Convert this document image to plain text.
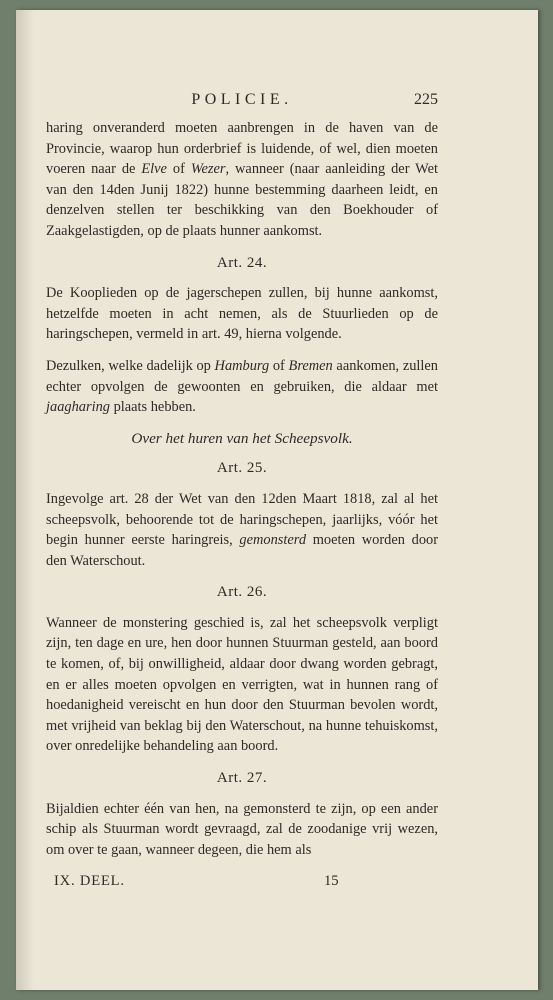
POLICIE.	225

haring onveranderd moeten aanbrengen in de haven van de Provincie, waarop hun orderbrief is luidende, of wel, dien moeten voeren naar de Elve of Wezer, wanneer (naar aanleiding der Wet van den 14den Junij 1822) hunne bestemming daarheen leidt, en denzelven stellen ter beschikking van den Boekhouder of Zaakgelastigden, op de plaats hunner aankomst.

Art. 24.

De Kooplieden op de jagerschepen zullen, bij hunne aankomst, hetzelfde moeten in acht nemen, als de Stuurlieden op de haringschepen, vermeld in art. 49, hierna volgende.

Dezulken, welke dadelijk op Hamburg of Bremen aankomen, zullen echter opvolgen de gewoonten en gebruiken, die aldaar met jaagharing plaats hebben.

Over het huren van het Scheepsvolk.
Art. 25.

Ingevolge art. 28 der Wet van den 12den Maart 1818, zal al het scheepsvolk, behoorende tot de haringschepen, jaarlijks, vóór het begin hunner eerste haringreis, gemonsterd moeten worden door den Waterschout.

Art. 26.

Wanneer de monstering geschied is, zal het scheepsvolk verpligt zijn, ten dage en ure, hen door hunnen Stuurman gesteld, aan boord te komen, of, bij onwilligheid, aldaar door dwang worden gebragt, en er alles moeten opvolgen en verrigten, wat in hunnen rang of hoedanigheid vereischt en hun door den Stuurman bevolen wordt, met vrijheid van beklag bij den Waterschout, na hunne tehuiskomst, over onredelijke behandeling aan boord.

Art. 27.

Bijaldien echter één van hen, na gemonsterd te zijn, op een ander schip als Stuurman wordt gevraagd, zal de zoodanige vrij wezen, om over te gaan, wanneer degeen, die hem als

IX. DEEL.	15
